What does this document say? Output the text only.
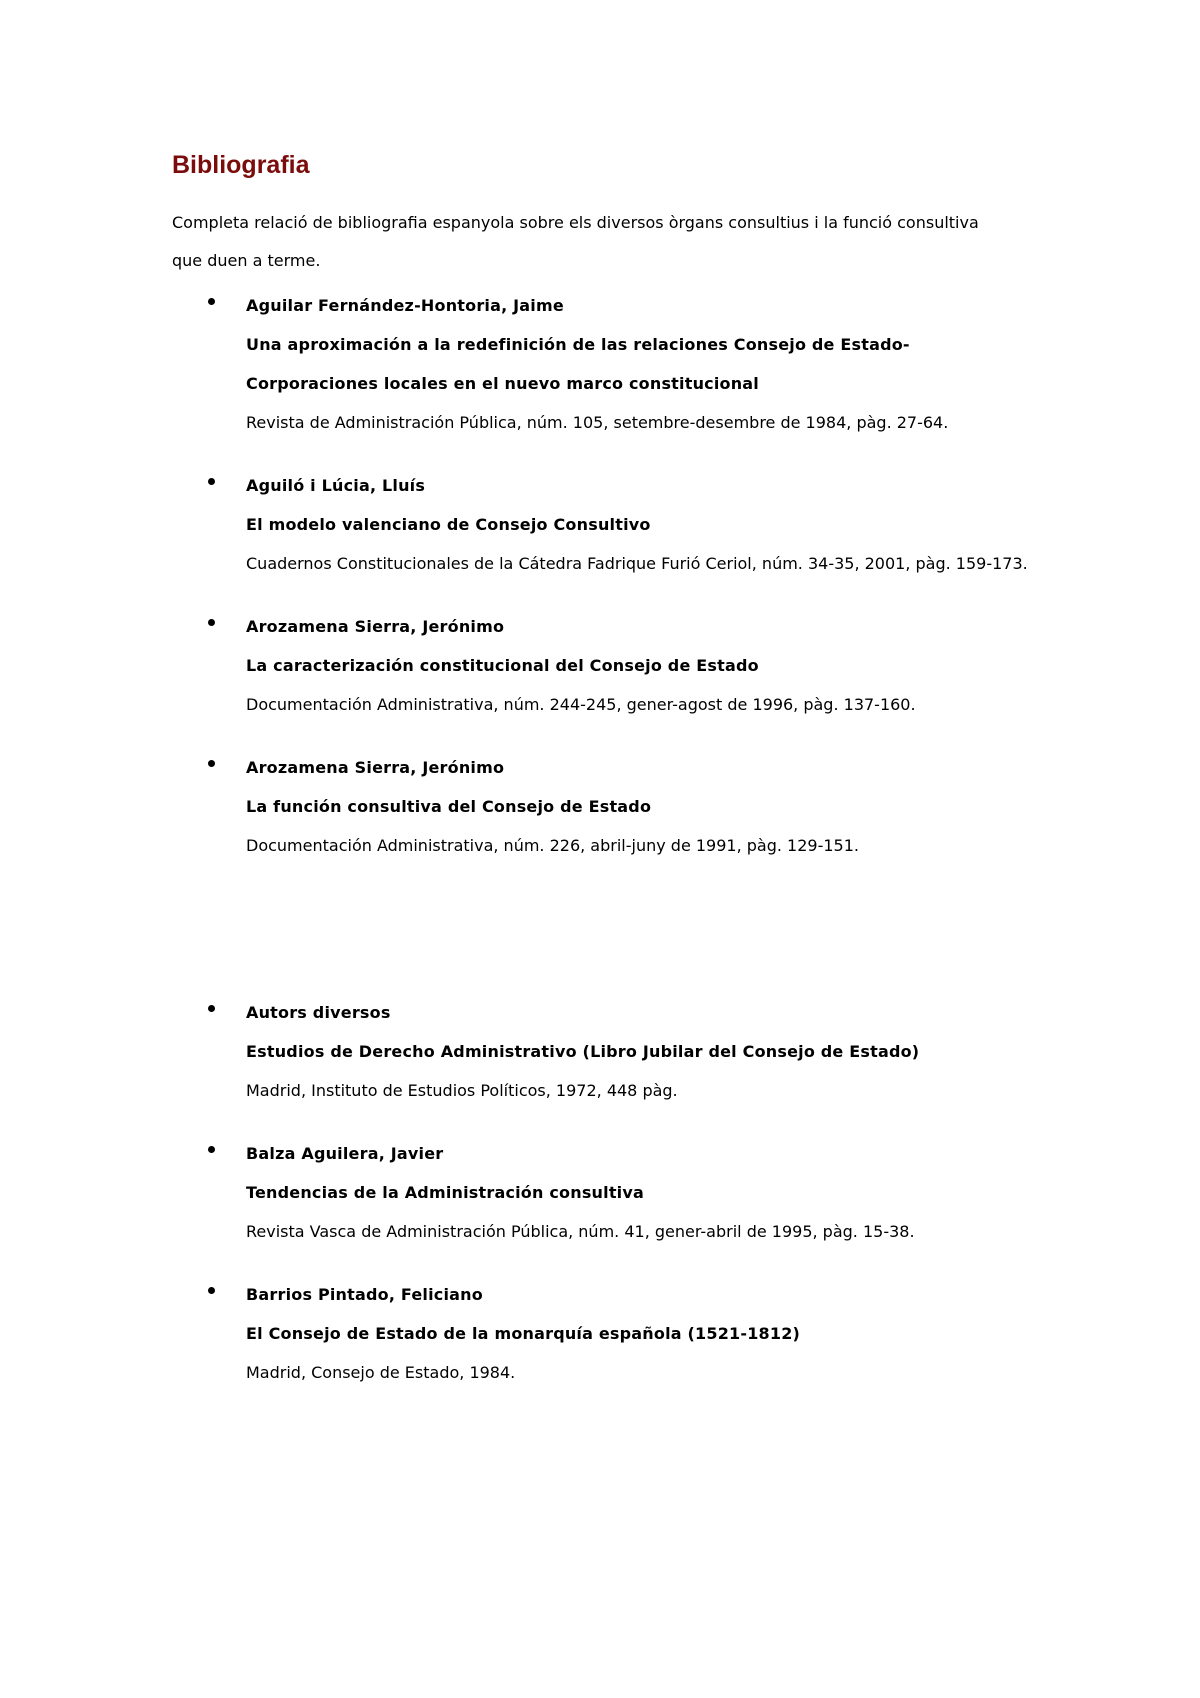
Bibliografia

Completa relació de bibliografia espanyola sobre els diversos òrgans consultius i la funció consultiva que duen a terme.

Aguilar Fernández-Hontoria, Jaime
Una aproximación a la redefinición de las relaciones Consejo de Estado-Corporaciones locales en el nuevo marco constitucional
Revista de Administración Pública, núm. 105, setembre-desembre de 1984, pàg. 27-64.
Aguiló i Lúcia, Lluís
El modelo valenciano de Consejo Consultivo
Cuadernos Constitucionales de la Cátedra Fadrique Furió Ceriol, núm. 34-35, 2001, pàg. 159-173.
Arozamena Sierra, Jerónimo
La caracterización constitucional del Consejo de Estado
Documentación Administrativa, núm. 244-245, gener-agost de 1996, pàg. 137-160.
Arozamena Sierra, Jerónimo
La función consultiva del Consejo de Estado
Documentación Administrativa, núm. 226, abril-juny de 1991, pàg. 129-151.
Autors diversos
Estudios de Derecho Administrativo (Libro Jubilar del Consejo de Estado)
Madrid, Instituto de Estudios Políticos, 1972, 448 pàg.
Balza Aguilera, Javier
Tendencias de la Administración consultiva
Revista Vasca de Administración Pública, núm. 41, gener-abril de 1995, pàg. 15-38.
Barrios Pintado, Feliciano
El Consejo de Estado de la monarquía española (1521-1812)
Madrid, Consejo de Estado, 1984.
